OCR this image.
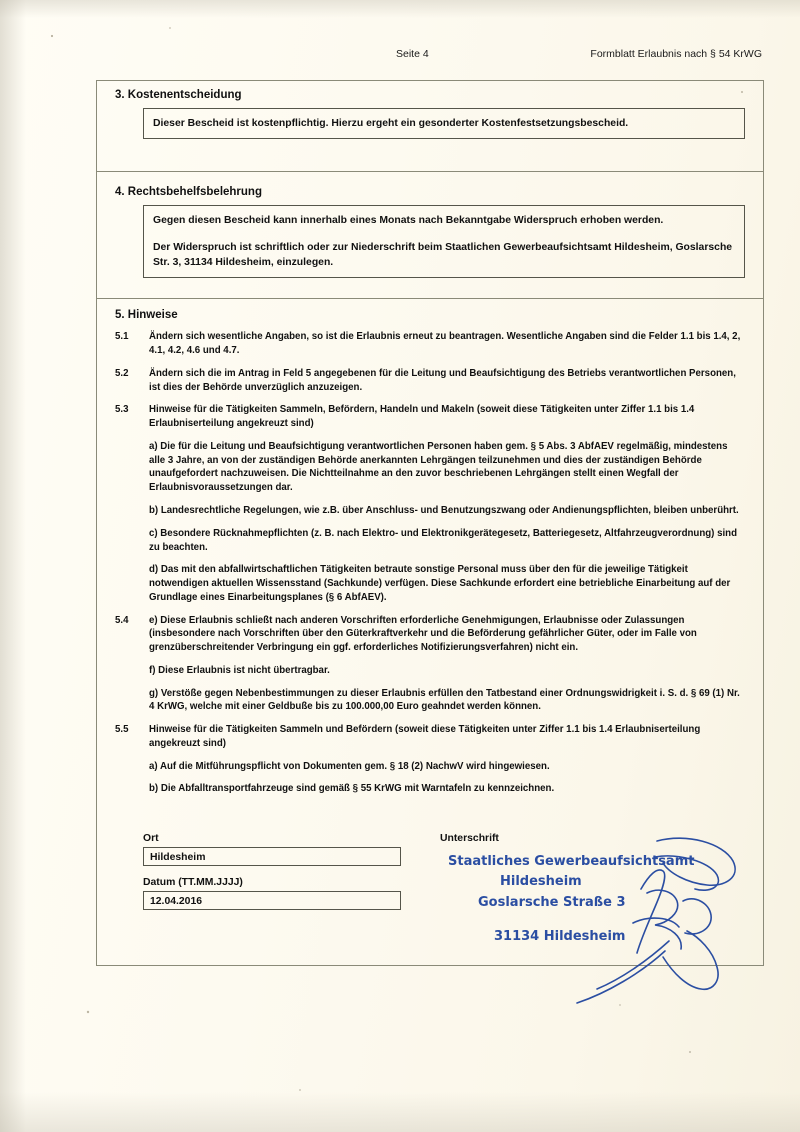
Seite 4	Formblatt Erlaubnis nach § 54 KrWG
3. Kostenentscheidung

Dieser Bescheid ist kostenpflichtig. Hierzu ergeht ein gesonderter Kostenfestsetzungsbescheid.

4. Rechtsbehelfsbelehrung

Gegen diesen Bescheid kann innerhalb eines Monats nach Bekanntgabe Widerspruch erhoben werden.

Der Widerspruch ist schriftlich oder zur Niederschrift beim Staatlichen Gewerbeaufsichtsamt Hildesheim, Goslarsche Str. 3, 31134 Hildesheim, einzulegen.

5. Hinweise
5.1	Ändern sich wesentliche Angaben, so ist die Erlaubnis erneut zu beantragen. Wesentliche Angaben sind die Felder 1.1 bis 1.4, 2, 4.1, 4.2, 4.6 und 4.7.

5.2	Ändern sich die im Antrag in Feld 5 angegebenen für die Leitung und Beaufsichtigung des Betriebs verantwortlichen Personen, ist dies der Behörde unverzüglich anzuzeigen.

5.3	Hinweise für die Tätigkeiten Sammeln, Befördern, Handeln und Makeln (soweit diese Tätigkeiten unter Ziffer 1.1 bis 1.4 Erlaubniserteilung angekreuzt sind)

a) Die für die Leitung und Beaufsichtigung verantwortlichen Personen haben gem. § 5 Abs. 3 AbfAEV regelmäßig, mindestens alle 3 Jahre, an von der zuständigen Behörde anerkannten Lehrgängen teilzunehmen und dies der zuständigen Behörde unaufgefordert nachzuweisen. Die Nichtteilnahme an den zuvor beschriebenen Lehrgängen stellt einen Wegfall der Erlaubnisvoraussetzungen dar.

b) Landesrechtliche Regelungen, wie z.B. über Anschluss- und Benutzungszwang oder Andienungspflichten, bleiben unberührt.

c) Besondere Rücknahmepflichten (z. B. nach Elektro- und Elektronikgerätegesetz, Batteriegesetz, Altfahrzeugverordnung) sind zu beachten.

d) Das mit den abfallwirtschaftlichen Tätigkeiten betraute sonstige Personal muss über den für die jeweilige Tätigkeit notwendigen aktuellen Wissensstand (Sachkunde) verfügen. Diese Sachkunde erfordert eine betriebliche Einarbeitung auf der Grundlage eines Einarbeitungsplanes (§ 6 AbfAEV).

5.4	e) Diese Erlaubnis schließt nach anderen Vorschriften erforderliche Genehmigungen, Erlaubnisse oder Zulassungen (insbesondere nach Vorschriften über den Güterkraftverkehr und die Beförderung gefährlicher Güter, oder im Falle von grenzüberschreitender Verbringung ein ggf. erforderliches Notifizierungsverfahren) nicht ein.

f) Diese Erlaubnis ist nicht übertragbar.

g) Verstöße gegen Nebenbestimmungen zu dieser Erlaubnis erfüllen den Tatbestand einer Ordnungswidrigkeit i. S. d. § 69 (1) Nr. 4 KrWG, welche mit einer Geldbuße bis zu 100.000,00 Euro geahndet werden können.

5.5	Hinweise für die Tätigkeiten Sammeln und Befördern (soweit diese Tätigkeiten unter Ziffer 1.1 bis 1.4 Erlaubniserteilung angekreuzt sind)

a) Auf die Mitführungspflicht von Dokumenten gem. § 18 (2) NachwV wird hingewiesen.

b) Die Abfalltransportfahrzeuge sind gemäß § 55 KrWG mit Warntafeln zu kennzeichnen.

Ort
Hildesheim
Datum (TT.MM.JJJJ)
12.04.2016
Unterschrift
Staatliches Gewerbeaufsichtsamt
Hildesheim
Goslarsche Straße 3
31134 Hildesheim
